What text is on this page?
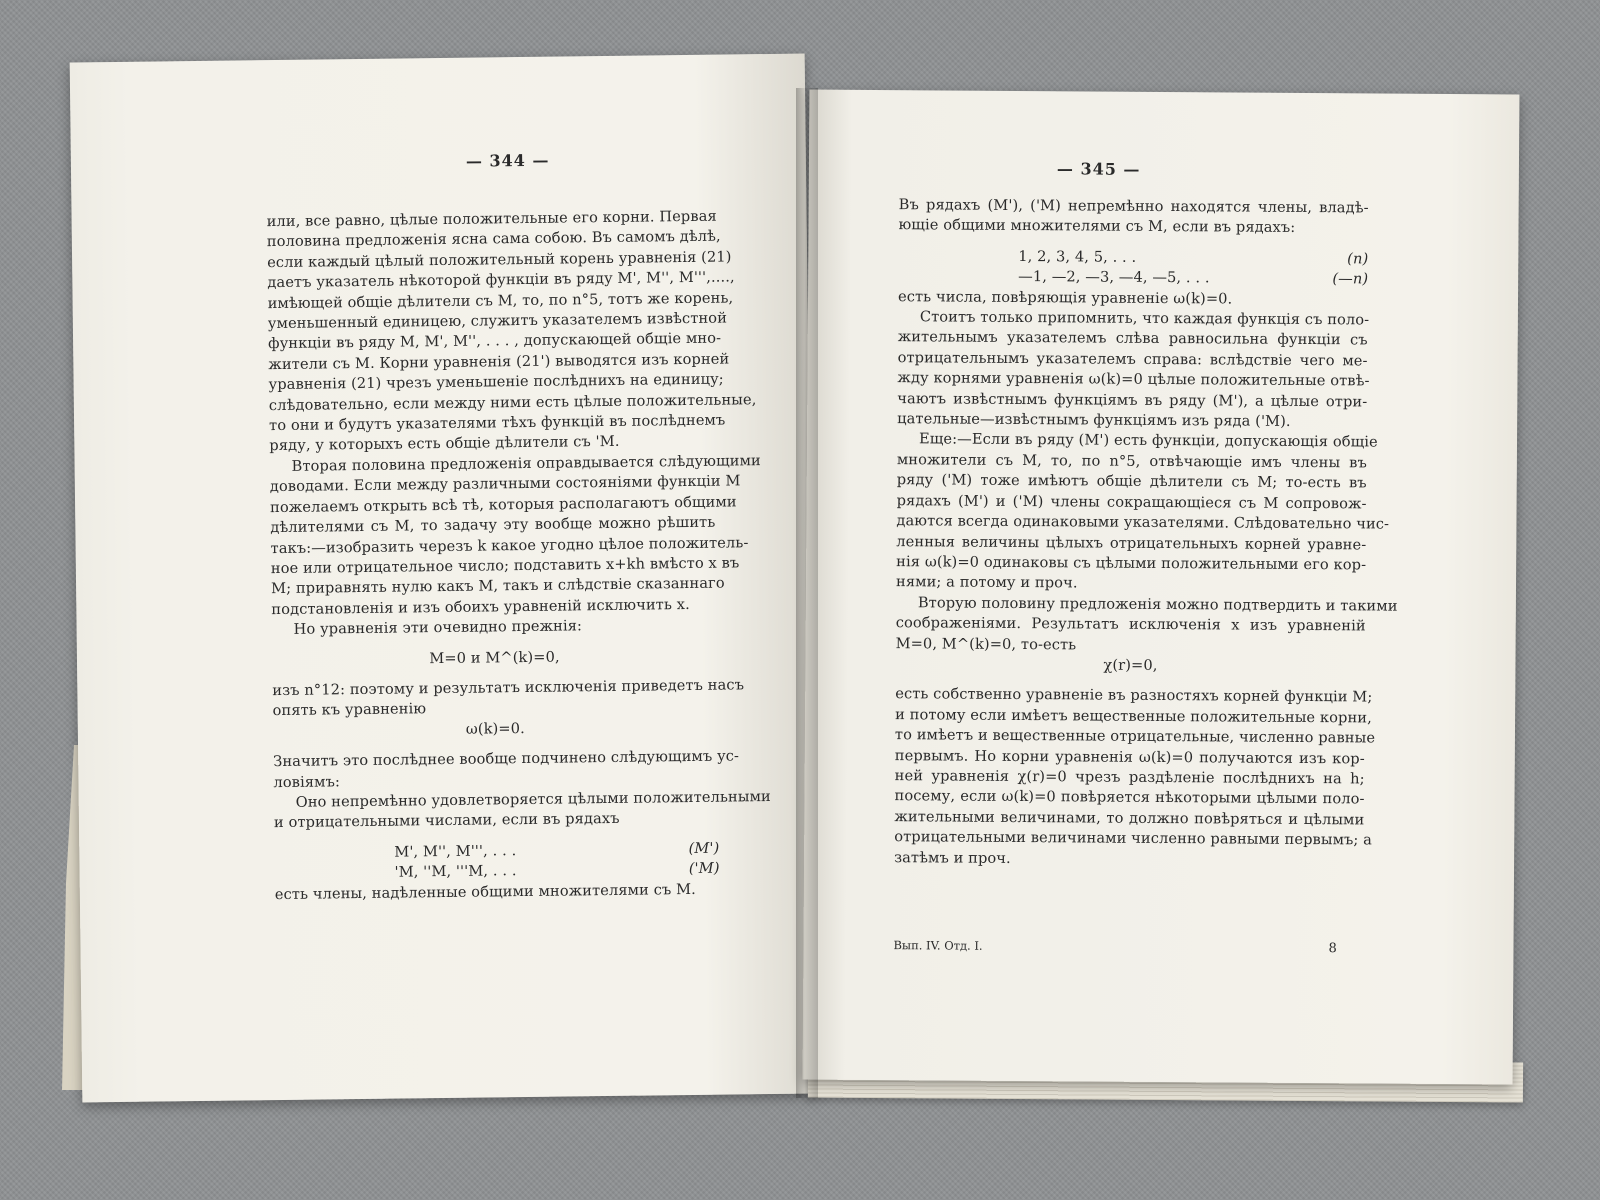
— 344 —
или, все равно, цѣлые положительные его корни. Первая
половина предложенія ясна сама собою. Въ самомъ дѣлѣ,
если каждый цѣлый положительный корень уравненія (21)
даетъ указатель нѣкоторой функціи въ ряду M', M'', M''',....,
имѣющей общіе дѣлители съ M, то, по n°5, тотъ же корень,
уменьшенный единицею, служитъ указателемъ извѣстной
функціи въ ряду M, M', M'', . . . , допускающей общіе мно-
жители съ M. Корни уравненія (21') выводятся изъ корней
уравненія (21) чрезъ уменьшеніе послѣднихъ на единицу;
слѣдовательно, если между ними есть цѣлые положительные,
то они и будутъ указателями тѣхъ функцій въ послѣднемъ
ряду, у которыхъ есть общіе дѣлители съ 'M.
Вторая половина предложенія оправдывается слѣдующими
доводами. Если между различными состояніями функціи M
пожелаемъ открыть всѣ тѣ, которыя располагаютъ общими
дѣлителями съ M, то задачу эту вообще можно рѣшить
такъ:—изобразить черезъ k какое угодно цѣлое положитель-
ное или отрицательное число; подставить x+kh вмѣсто x въ
M; приравнять нулю какъ M, такъ и слѣдствіе сказаннаго
подстановленія и изъ обоихъ уравненій исключить x.
Но уравненія эти очевидно прежнія:
M=0 и M^(k)=0,
изъ n°12: поэтому и результатъ исключенія приведетъ насъ
опять къ уравненію
ω(k)=0.
Значитъ это послѣднее вообще подчинено слѣдующимъ ус-
ловіямъ:
Оно непремѣнно удовлетворяется цѣлыми положительными
и отрицательными числами, если въ рядахъ
M', M'', M''', . . .	(M')
'M, ''M, '''M, . . .	('M)
есть члены, надѣленные общими множителями съ M.
— 345 —
Въ рядахъ (M'), ('M) непремѣнно находятся члены, владѣ-
ющіе общими множителями съ M, если въ рядахъ:
1, 2, 3, 4, 5, . . .	(n)
—1, —2, —3, —4, —5, . . .	(—n)
есть числа, повѣряющія уравненіе ω(k)=0.
Стоитъ только припомнить, что каждая функція съ поло-
жительнымъ указателемъ слѣва равносильна функціи съ
отрицательнымъ указателемъ справа: вслѣдствіе чего ме-
жду корнями уравненія ω(k)=0 цѣлые положительные отвѣ-
чаютъ извѣстнымъ функціямъ въ ряду (M'), а цѣлые отри-
цательные—извѣстнымъ функціямъ изъ ряда ('M).
Еще:—Если въ ряду (M') есть функціи, допускающія общіе
множители съ M, то, по n°5, отвѣчающіе имъ члены въ
ряду ('M) тоже имѣютъ общіе дѣлители съ M; то-есть въ
рядахъ (M') и ('M) члены сокращающіеся съ M сопровож-
даются всегда одинаковыми указателями. Слѣдовательно чис-
ленныя величины цѣлыхъ отрицательныхъ корней уравне-
нія ω(k)=0 одинаковы съ цѣлыми положительными его кор-
нями; а потому и проч.
Вторую половину предложенія можно подтвердить и такими
соображеніями. Результатъ исключенія x изъ уравненій
M=0, M^(k)=0, то-есть
χ(r)=0,
есть собственно уравненіе въ разностяхъ корней функціи M;
и потому если имѣетъ вещественные положительные корни,
то имѣетъ и вещественные отрицательные, численно равные
первымъ. Но корни уравненія ω(k)=0 получаются изъ кор-
ней уравненія χ(r)=0 чрезъ раздѣленіе послѣднихъ на h;
посему, если ω(k)=0 повѣряется нѣкоторыми цѣлыми поло-
жительными величинами, то должно повѣряться и цѣлыми
отрицательными величинами численно равными первымъ; а
затѣмъ и проч.
Вып. IV. Отд. I.	8
